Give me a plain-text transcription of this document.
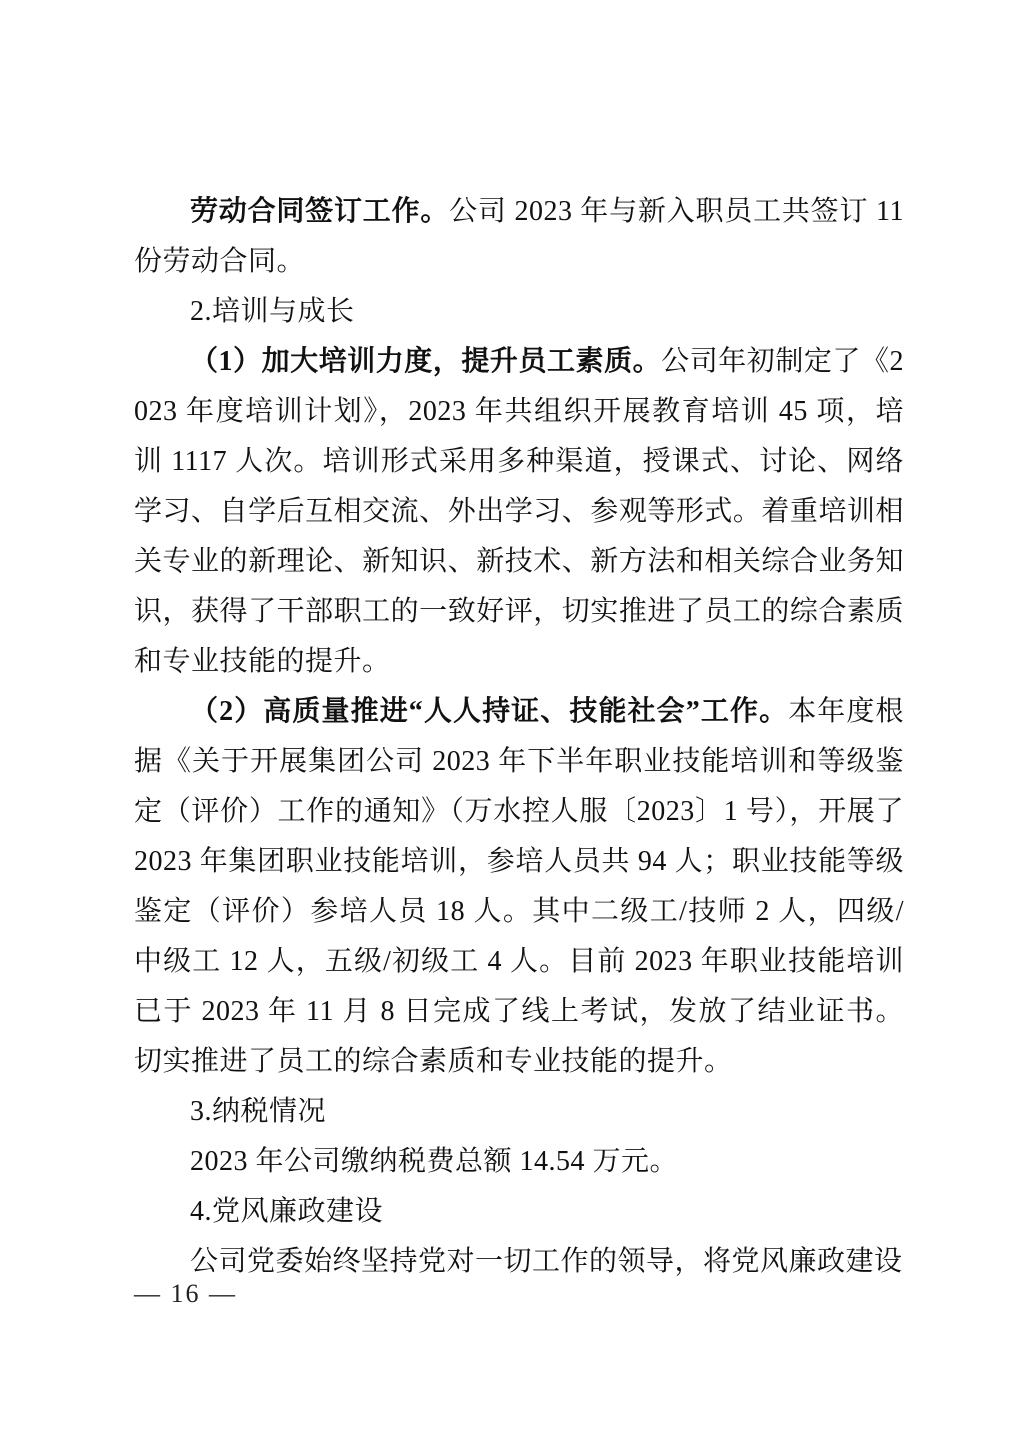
劳动合同签订工作。公司 2023 年与新入职员工共签订 11 份劳动合同。

2.培训与成长

（1）加大培训力度，提升员工素质。公司年初制定了《2023 年度培训计划》，2023 年共组织开展教育培训 45 项，培训 1117 人次。培训形式采用多种渠道，授课式、讨论、网络学习、自学后互相交流、外出学习、参观等形式。着重培训相关专业的新理论、新知识、新技术、新方法和相关综合业务知识，获得了干部职工的一致好评，切实推进了员工的综合素质和专业技能的提升。

（2）高质量推进“人人持证、技能社会”工作。本年度根据《关于开展集团公司 2023 年下半年职业技能培训和等级鉴定（评价）工作的通知》（万水控人服〔2023〕1 号），开展了 2023 年集团职业技能培训，参培人员共 94 人；职业技能等级鉴定（评价）参培人员 18 人。其中二级工/技师 2 人，四级/中级工 12 人，五级/初级工 4 人。目前 2023 年职业技能培训已于 2023 年 11 月 8 日完成了线上考试，发放了结业证书。切实推进了员工的综合素质和专业技能的提升。

3.纳税情况

2023 年公司缴纳税费总额 14.54 万元。

4.党风廉政建设

公司党委始终坚持党对一切工作的领导，将党风廉政建设

— 16 —
